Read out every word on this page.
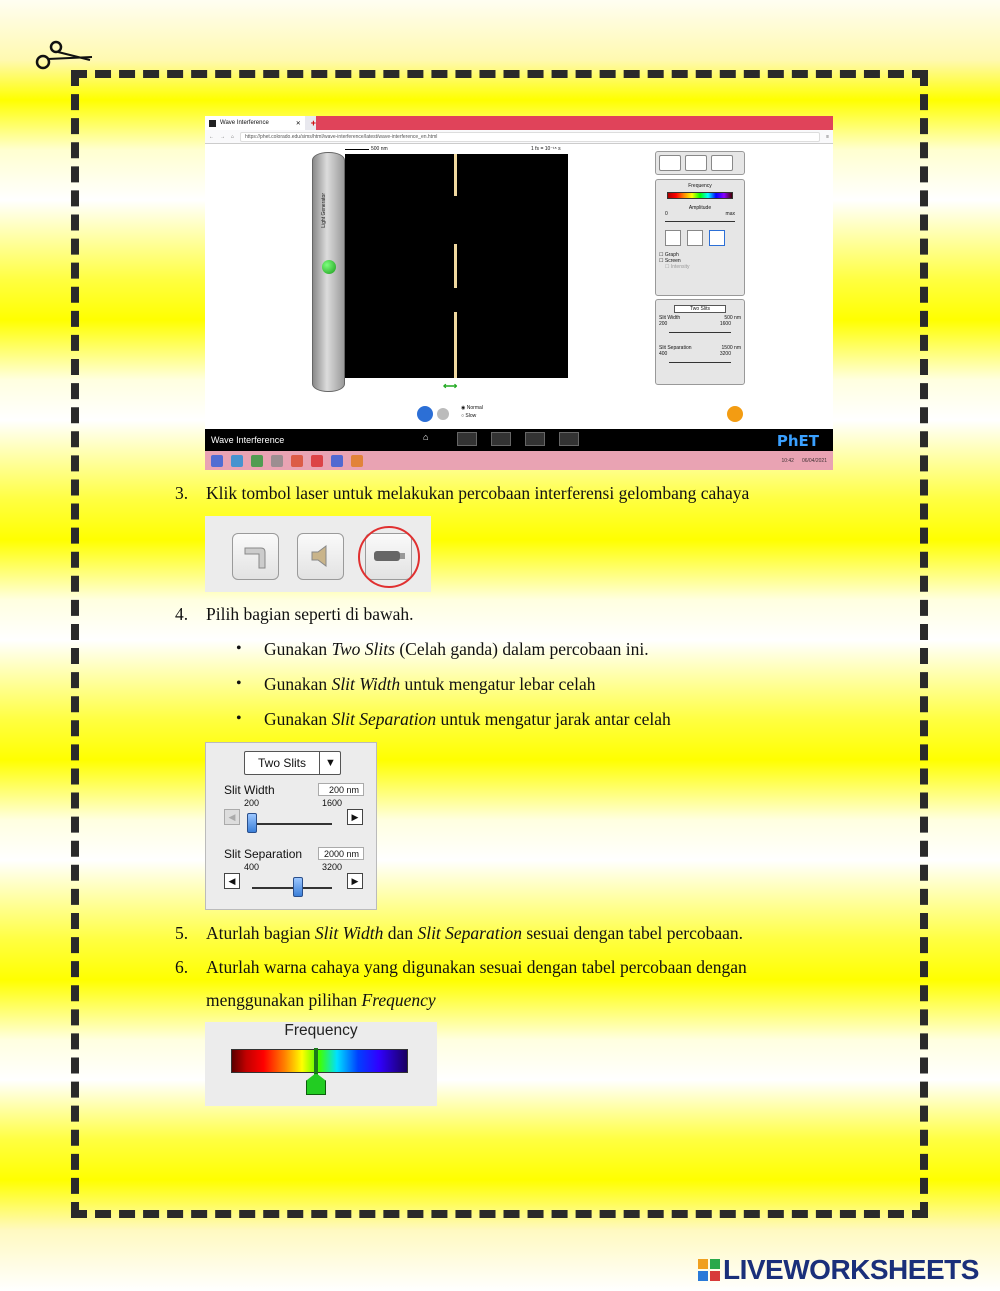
Wave Interference	✕ +
← → ⌂	https://phet.colorado.edu/sims/html/wave-interference/latest/wave-interference_en.html	≡
500 nm	1 fs = 10⁻¹⁵ s
Light Generator
⟷
Frequency
Amplitude
0	max
☐ Graph
☐ Screen
☐ Intensity
Two Slits
Slit Width	500 nm
200	1600
Slit Separation	1500 nm
400	3200
◉ Normal
○ Slow
Wave Interference	⌂	PhET
10:42 06/04/2021
3. Klik tombol laser untuk melakukan percobaan interferensi gelombang cahaya
4. Pilih bagian seperti di bawah.
• Gunakan Two Slits (Celah ganda) dalam percobaan ini.
• Gunakan Slit Width untuk mengatur lebar celah
• Gunakan Slit Separation untuk mengatur jarak antar celah
Two Slits	▼
Slit Width	200 nm
200	1600
◀	▶
Slit Separation	2000 nm
400	3200
◀	▶
5. Aturlah bagian Slit Width dan Slit Separation sesuai dengan tabel percobaan.
6. Aturlah warna cahaya yang digunakan sesuai dengan tabel percobaan dengan
menggunakan pilihan Frequency
Frequency
LIVEWORKSHEETS
